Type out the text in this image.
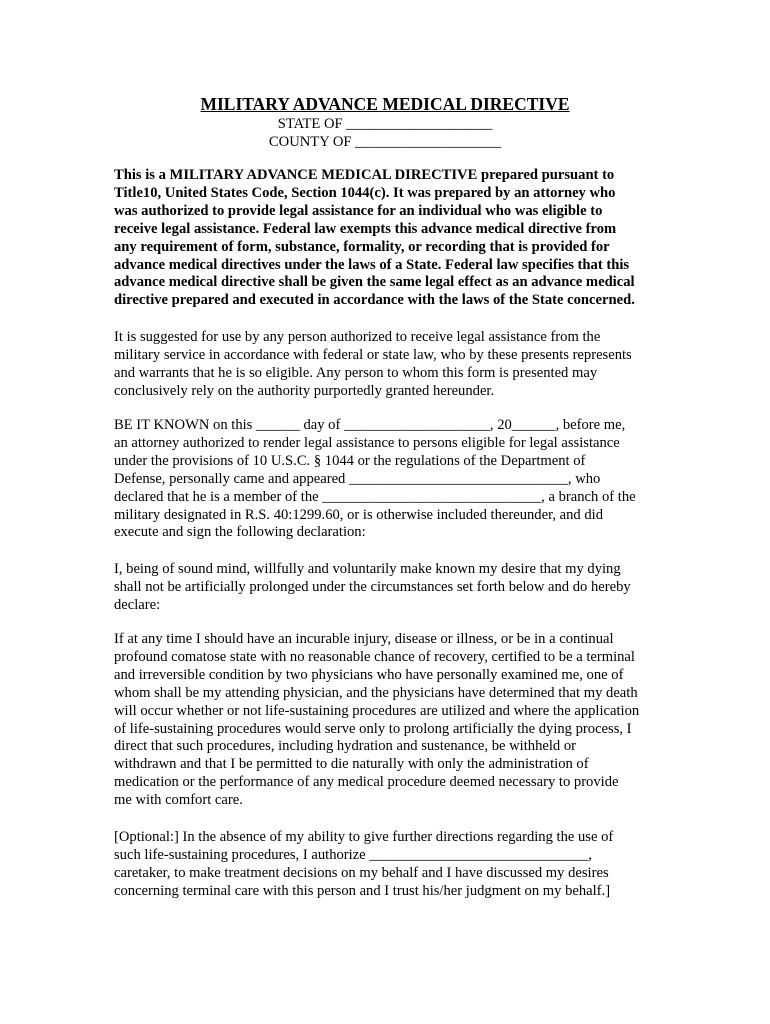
MILITARY ADVANCE MEDICAL DIRECTIVE
STATE OF ____________________
COUNTY OF ____________________
This is a MILITARY ADVANCE MEDICAL DIRECTIVE prepared pursuant to
Title10, United States Code, Section 1044(c). It was prepared by an attorney who
was authorized to provide legal assistance for an individual who was eligible to
receive legal assistance. Federal law exempts this advance medical directive from
any requirement of form, substance, formality, or recording that is provided for
advance medical directives under the laws of a State. Federal law specifies that this
advance medical directive shall be given the same legal effect as an advance medical
directive prepared and executed in accordance with the laws of the State concerned.
It is suggested for use by any person authorized to receive legal assistance from the
military service in accordance with federal or state law, who by these presents represents
and warrants that he is so eligible. Any person to whom this form is presented may
conclusively rely on the authority purportedly granted hereunder.
BE IT KNOWN on this ______ day of ____________________, 20______, before me,
an attorney authorized to render legal assistance to persons eligible for legal assistance
under the provisions of 10 U.S.C. § 1044 or the regulations of the Department of
Defense, personally came and appeared ______________________________, who
declared that he is a member of the ______________________________, a branch of the
military designated in R.S. 40:1299.60, or is otherwise included thereunder, and did
execute and sign the following declaration:
I, being of sound mind, willfully and voluntarily make known my desire that my dying
shall not be artificially prolonged under the circumstances set forth below and do hereby
declare:
If at any time I should have an incurable injury, disease or illness, or be in a continual
profound comatose state with no reasonable chance of recovery, certified to be a terminal
and irreversible condition by two physicians who have personally examined me, one of
whom shall be my attending physician, and the physicians have determined that my death
will occur whether or not life-sustaining procedures are utilized and where the application
of life-sustaining procedures would serve only to prolong artificially the dying process, I
direct that such procedures, including hydration and sustenance, be withheld or
withdrawn and that I be permitted to die naturally with only the administration of
medication or the performance of any medical procedure deemed necessary to provide
me with comfort care.
[Optional:] In the absence of my ability to give further directions regarding the use of
such life-sustaining procedures, I authorize ______________________________,
caretaker, to make treatment decisions on my behalf and I have discussed my desires
concerning terminal care with this person and I trust his/her judgment on my behalf.]
